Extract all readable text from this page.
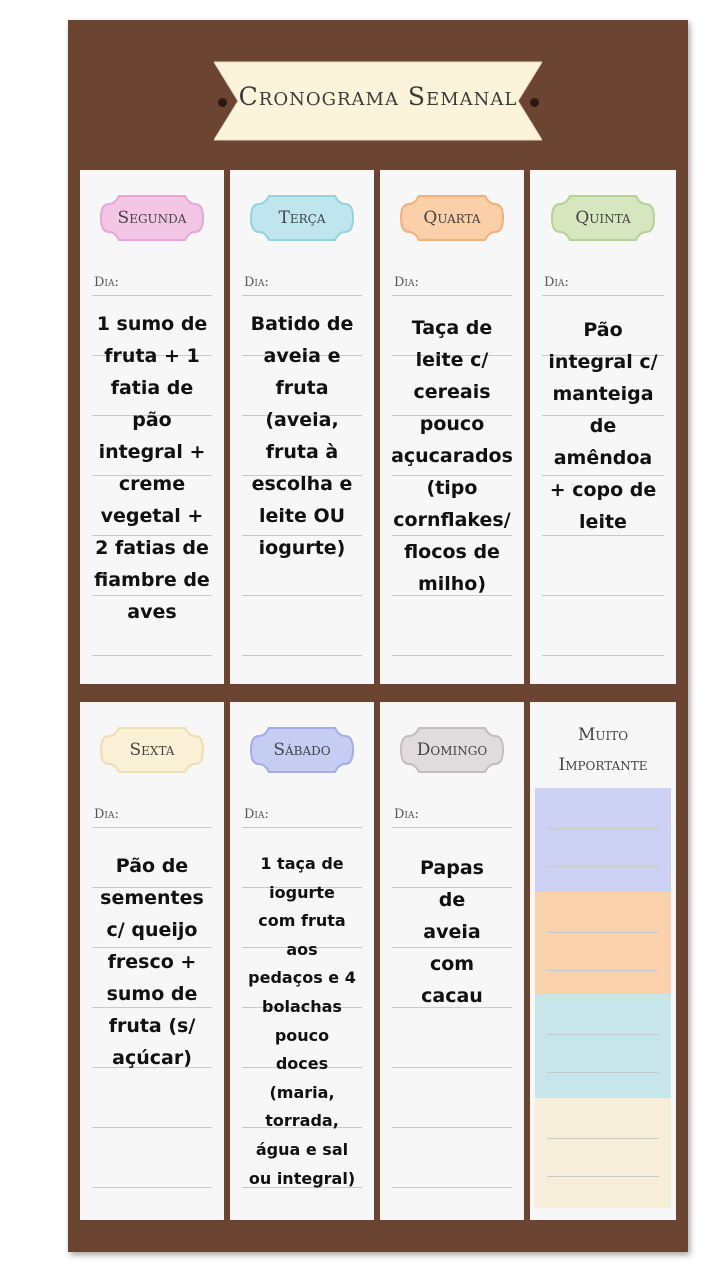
Segunda
Dia:
1 sumo de fruta + 1 fatia de pão integral + creme vegetal + 2 fatias de fiambre de aves
Terça
Dia:
Batido de aveia e fruta (aveia, fruta à escolha e leite OU iogurte)
Quarta
Dia:
Taça de leite c/ cereais pouco açucarados (tipo cornflakes/ flocos de milho)
Quinta
Dia:
Pão integral c/ manteiga de amêndoa + copo de leite
Sexta
Dia:
Pão de sementes c/ queijo fresco + sumo de fruta (s/ açúcar)
Sábado
Dia:
1 taça de iogurte com fruta aos pedaços e 4 bolachas pouco doces (maria, torrada, água e sal ou integral)
Domingo
Dia:
Papas de aveia com cacau
Muito
Importante
Cronograma Semanal
